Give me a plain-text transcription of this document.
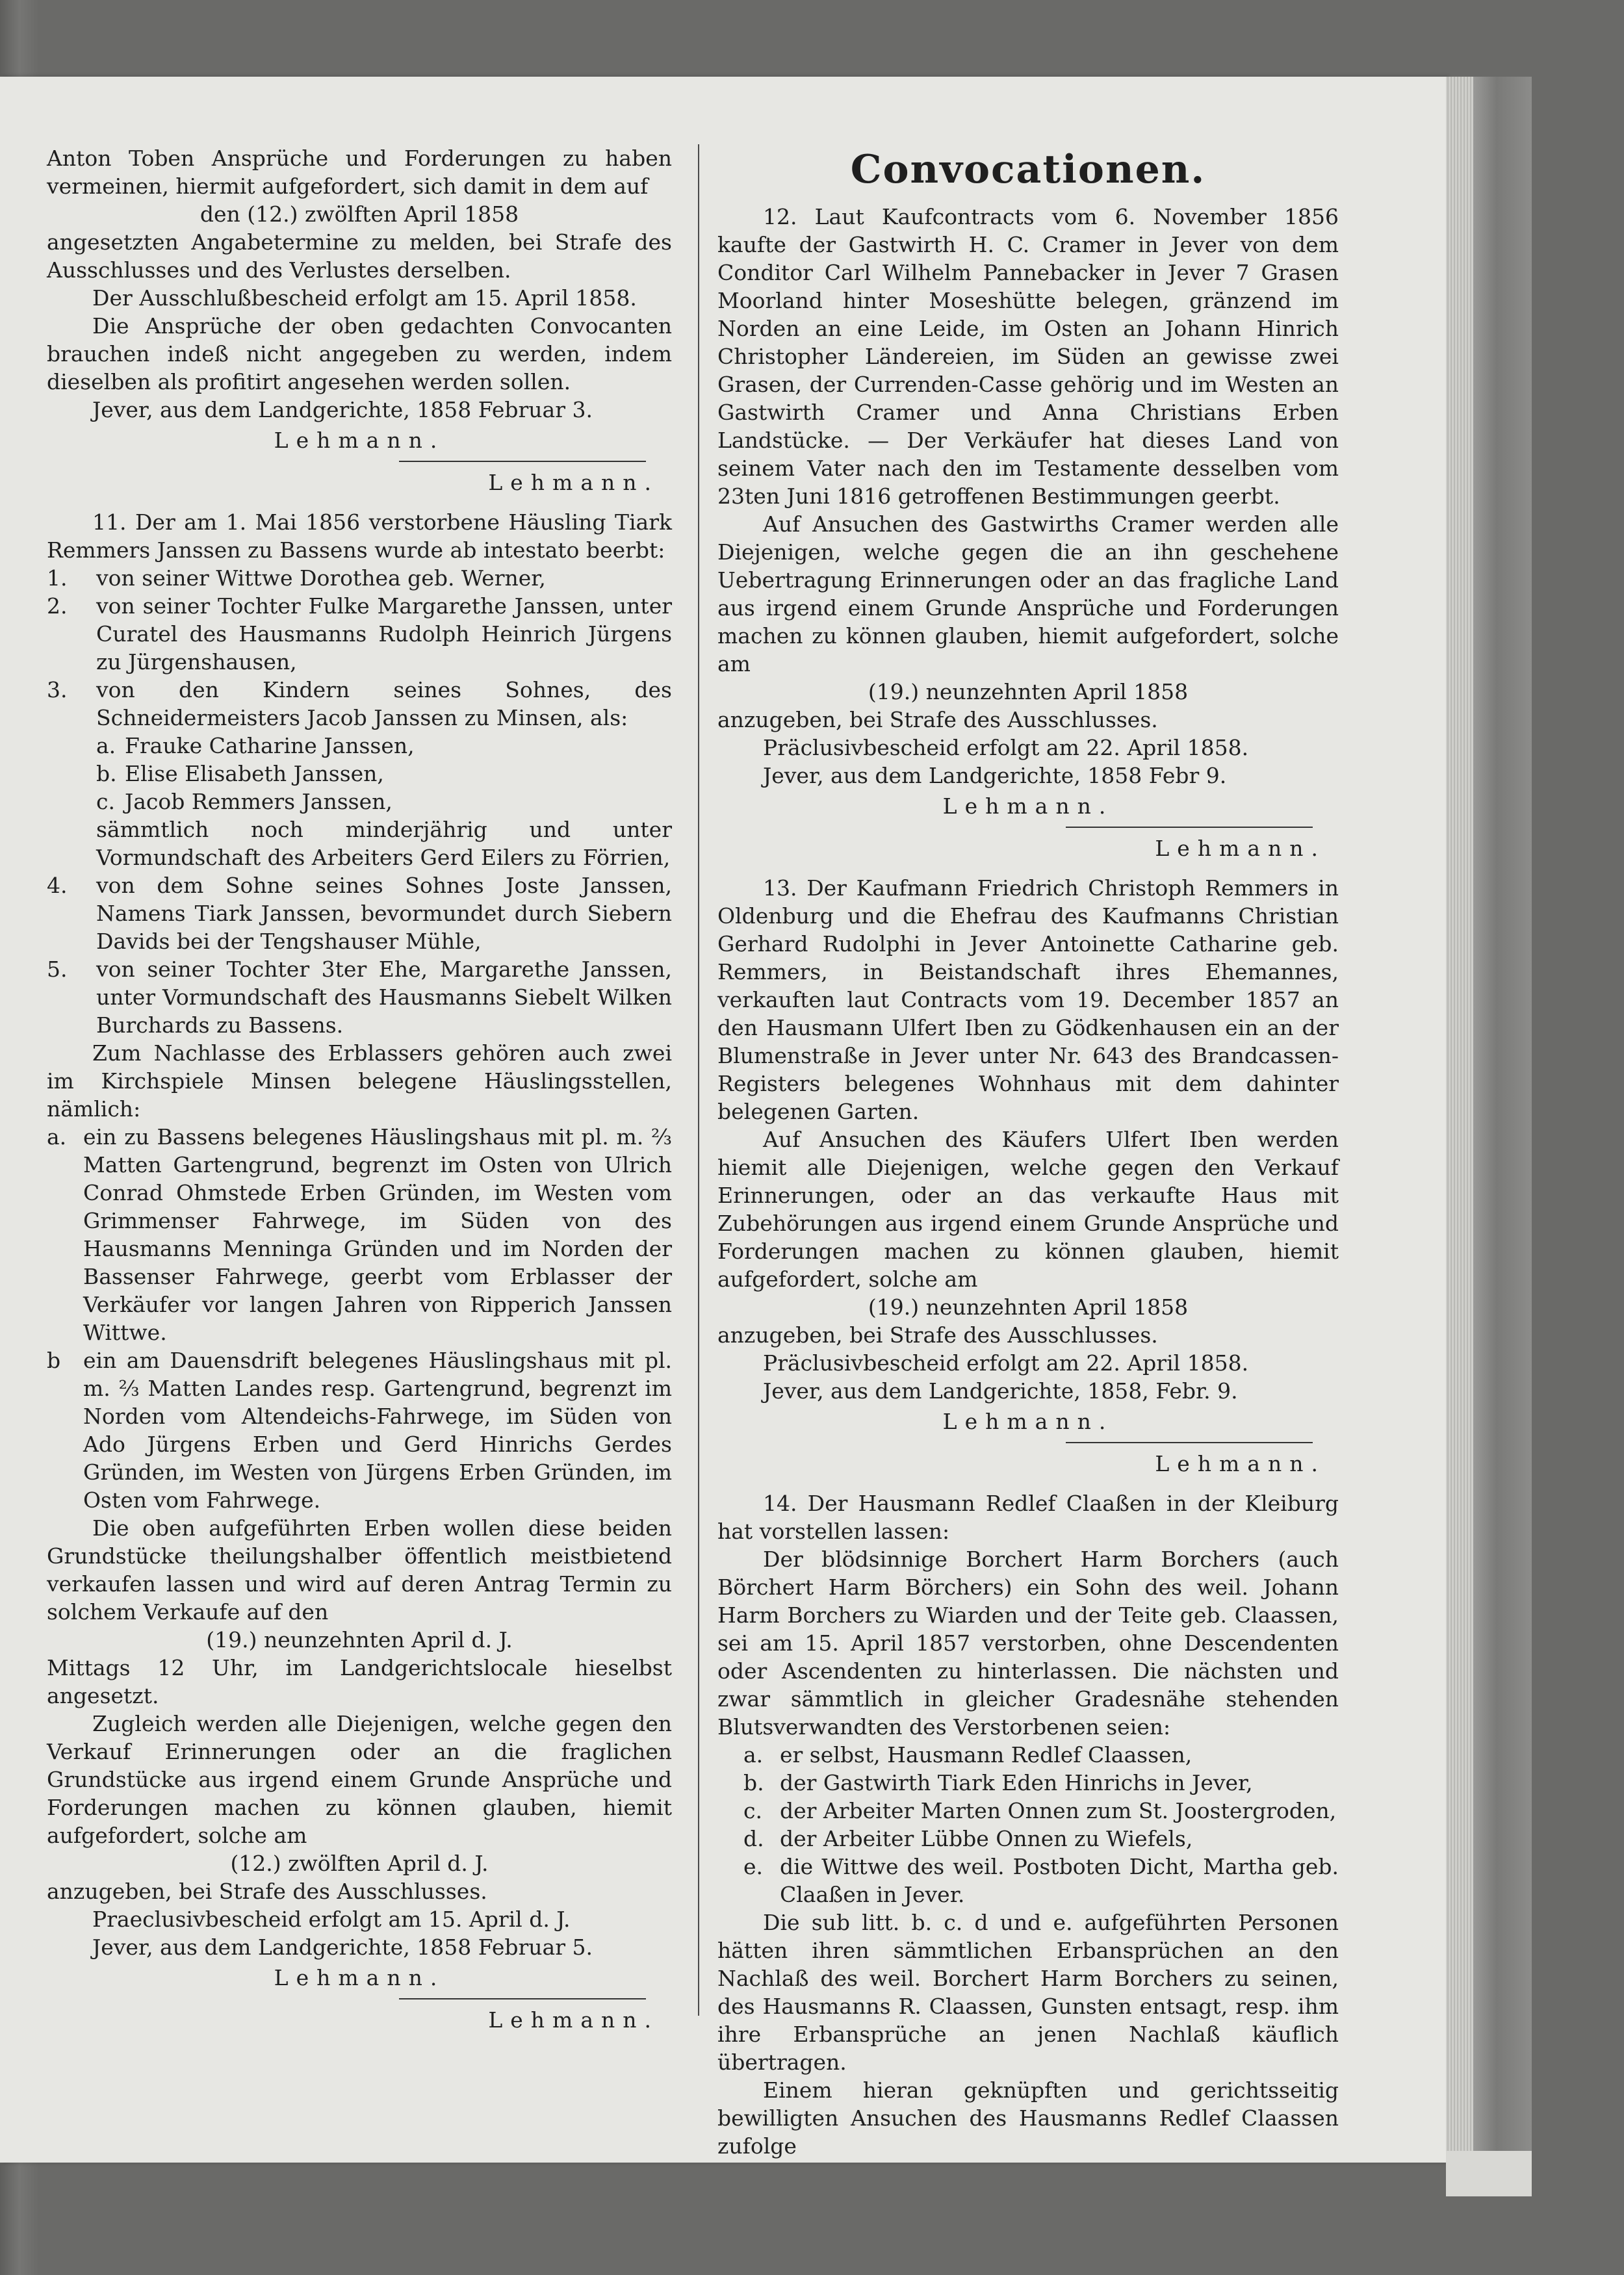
Anton Toben Ansprüche und Forderungen zu haben vermeinen, hiermit aufgefordert, sich damit in dem auf

den (12.) zwölften April 1858

angesetzten Angabetermine zu melden, bei Strafe des Ausschlusses und des Verlustes derselben.

Der Ausschlußbescheid erfolgt am 15. April 1858.

Die Ansprüche der oben gedachten Convocanten brauchen indeß nicht angegeben zu werden, indem dieselben als profitirt angesehen werden sollen.

Jever, aus dem Landgerichte, 1858 Februar 3.

Lehmann.

Lehmann.

11. Der am 1. Mai 1856 verstorbene Häusling Tiark Remmers Janssen zu Bassens wurde ab intestato beerbt:

1. von seiner Wittwe Dorothea geb. Werner,
2. von seiner Tochter Fulke Margarethe Janssen, unter Curatel des Hausmanns Rudolph Heinrich Jürgens zu Jürgenshausen,
3. von den Kindern seines Sohnes, des Schneidermeisters Jacob Janssen zu Minsen, als:
a. Frauke Catharine Janssen,
b. Elise Elisabeth Janssen,
c. Jacob Remmers Janssen,

sämmtlich noch minderjährig und unter Vormundschaft des Arbeiters Gerd Eilers zu Förrien,

4. von dem Sohne seines Sohnes Joste Janssen, Namens Tiark Janssen, bevormundet durch Siebern Davids bei der Tengshauser Mühle,
5. von seiner Tochter 3ter Ehe, Margarethe Janssen, unter Vormundschaft des Hausmanns Siebelt Wilken Burchards zu Bassens.

Zum Nachlasse des Erblassers gehören auch zwei im Kirchspiele Minsen belegene Häuslingsstellen, nämlich:

a. ein zu Bassens belegenes Häuslingshaus mit pl. m. ⅔ Matten Gartengrund, begrenzt im Osten von Ulrich Conrad Ohmstede Erben Gründen, im Westen vom Grimmenser Fahrwege, im Süden von des Hausmanns Menninga Gründen und im Norden der Bassenser Fahrwege, geerbt vom Erblasser der Verkäufer vor langen Jahren von Ripperich Janssen Wittwe.
b ein am Dauensdrift belegenes Häuslingshaus mit pl. m. ⅔ Matten Landes resp. Gartengrund, begrenzt im Norden vom Altendeichs-Fahrwege, im Süden von Ado Jürgens Erben und Gerd Hinrichs Gerdes Gründen, im Westen von Jürgens Erben Gründen, im Osten vom Fahrwege.

Die oben aufgeführten Erben wollen diese beiden Grundstücke theilungshalber öffentlich meistbietend verkaufen lassen und wird auf deren Antrag Termin zu solchem Verkaufe auf den

(19.) neunzehnten April d. J.

Mittags 12 Uhr, im Landgerichtslocale hieselbst angesetzt.

Zugleich werden alle Diejenigen, welche gegen den Verkauf Erinnerungen oder an die fraglichen Grundstücke aus irgend einem Grunde Ansprüche und Forderungen machen zu können glauben, hiemit aufgefordert, solche am

(12.) zwölften April d. J.

anzugeben, bei Strafe des Ausschlusses.

Praeclusivbescheid erfolgt am 15. April d. J.

Jever, aus dem Landgerichte, 1858 Februar 5.

Lehmann.

Lehmann.

Convocationen.

12. Laut Kaufcontracts vom 6. November 1856 kaufte der Gastwirth H. C. Cramer in Jever von dem Conditor Carl Wilhelm Pannebacker in Jever 7 Grasen Moorland hinter Moseshütte belegen, gränzend im Norden an eine Leide, im Osten an Johann Hinrich Christopher Ländereien, im Süden an gewisse zwei Grasen, der Currenden-Casse gehörig und im Westen an Gastwirth Cramer und Anna Christians Erben Landstücke. — Der Verkäufer hat dieses Land von seinem Vater nach den im Testamente desselben vom 23ten Juni 1816 getroffenen Bestimmungen geerbt.

Auf Ansuchen des Gastwirths Cramer werden alle Diejenigen, welche gegen die an ihn geschehene Uebertragung Erinnerungen oder an das fragliche Land aus irgend einem Grunde Ansprüche und Forderungen machen zu können glauben, hiemit aufgefordert, solche am

(19.) neunzehnten April 1858

anzugeben, bei Strafe des Ausschlusses.

Präclusivbescheid erfolgt am 22. April 1858.

Jever, aus dem Landgerichte, 1858 Febr 9.

Lehmann.

Lehmann.

13. Der Kaufmann Friedrich Christoph Remmers in Oldenburg und die Ehefrau des Kaufmanns Christian Gerhard Rudolphi in Jever Antoinette Catharine geb. Remmers, in Beistandschaft ihres Ehemannes, verkauften laut Contracts vom 19. December 1857 an den Hausmann Ulfert Iben zu Gödkenhausen ein an der Blumenstraße in Jever unter Nr. 643 des Brandcassen-Registers belegenes Wohnhaus mit dem dahinter belegenen Garten.

Auf Ansuchen des Käufers Ulfert Iben werden hiemit alle Diejenigen, welche gegen den Verkauf Erinnerungen, oder an das verkaufte Haus mit Zubehörungen aus irgend einem Grunde Ansprüche und Forderungen machen zu können glauben, hiemit aufgefordert, solche am

(19.) neunzehnten April 1858

anzugeben, bei Strafe des Ausschlusses.

Präclusivbescheid erfolgt am 22. April 1858.

Jever, aus dem Landgerichte, 1858, Febr. 9.

Lehmann.

Lehmann.

14. Der Hausmann Redlef Claaßen in der Kleiburg hat vorstellen lassen:

Der blödsinnige Borchert Harm Borchers (auch Börchert Harm Börchers) ein Sohn des weil. Johann Harm Borchers zu Wiarden und der Teite geb. Claassen, sei am 15. April 1857 verstorben, ohne Descendenten oder Ascendenten zu hinterlassen. Die nächsten und zwar sämmtlich in gleicher Gradesnähe stehenden Blutsverwandten des Verstorbenen seien:

a. er selbst, Hausmann Redlef Claassen,
b. der Gastwirth Tiark Eden Hinrichs in Jever,
c. der Arbeiter Marten Onnen zum St. Joostergroden,
d. der Arbeiter Lübbe Onnen zu Wiefels,
e. die Wittwe des weil. Postboten Dicht, Martha geb. Claaßen in Jever.

Die sub litt. b. c. d und e. aufgeführten Personen hätten ihren sämmtlichen Erbansprüchen an den Nachlaß des weil. Borchert Harm Borchers zu seinen, des Hausmanns R. Claassen, Gunsten entsagt, resp. ihm ihre Erbansprüche an jenen Nachlaß käuflich übertragen.

Einem hieran geknüpften und gerichtsseitig bewilligten Ansuchen des Hausmanns Redlef Claassen zufolge
